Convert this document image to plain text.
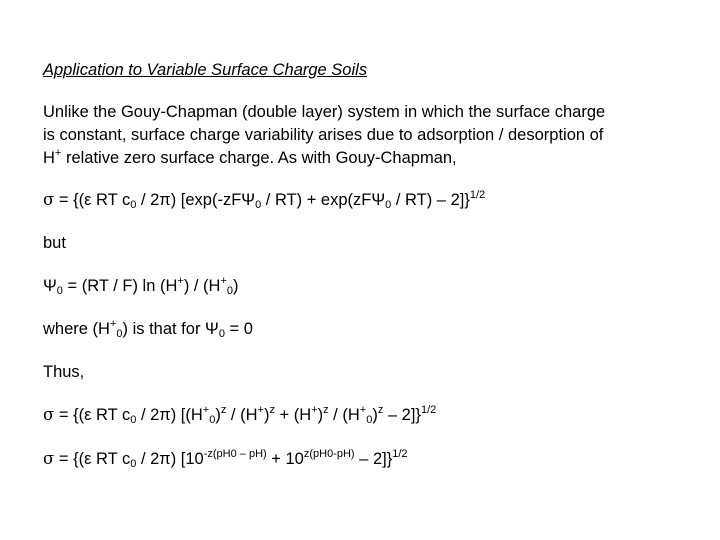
Application to Variable Surface Charge Soils
Unlike the Gouy-Chapman (double layer) system in which the surface charge
is constant, surface charge variability arises due to adsorption / desorption of
H+ relative zero surface charge. As with Gouy-Chapman,
σ = {(ε RT $c_0 / 2\pi$) [exp(-zFΨ$_0$ / RT) + exp(zFΨ$_0$ / RT) – 2]}$^{1/2}$
but
$\Psi_0 = (RT / F)$ $\ln (H^+) / (H^+_0)$
where $(H^+_0)$ is that for $\Psi_0 = 0$
Thus,
σ = {(ε RT $c_0 / 2\pi$) $[(H^+_0)^z / (H^+)^z + (H^+)^z / (H^+_0)^z - 2]\}^{1/2}$
σ = {(ε RT $c_0 / 2\pi$) $[10^{-z(pH0 - pH)} + 10^{z(pH0-pH)} - 2]\}^{1/2}$
